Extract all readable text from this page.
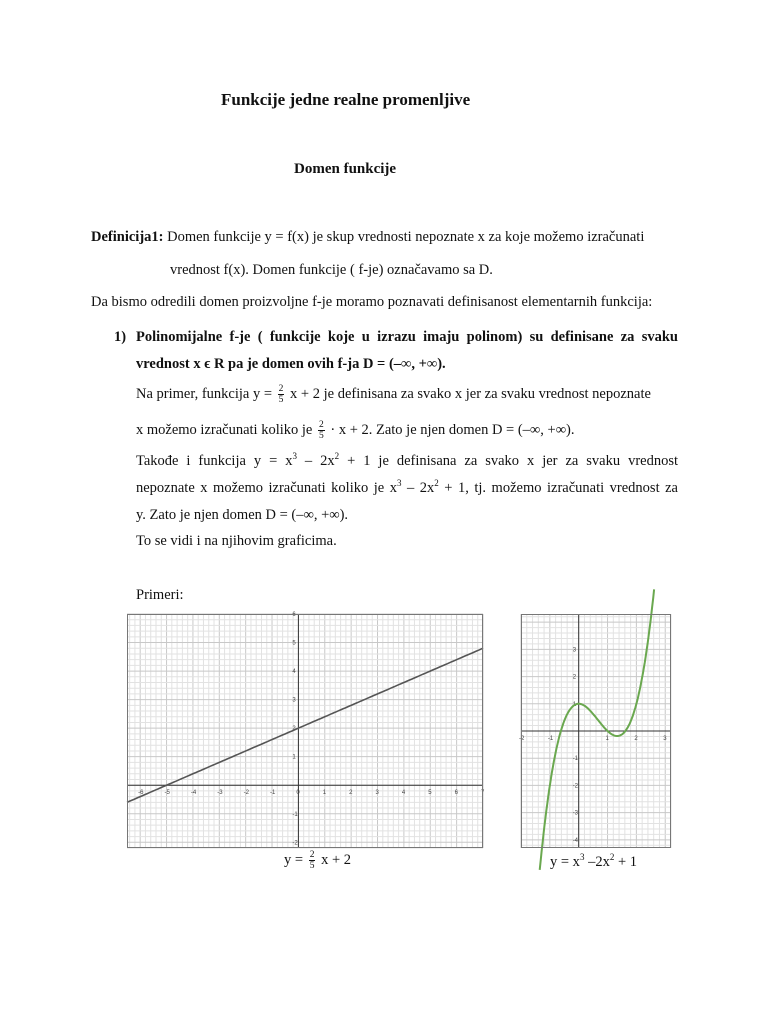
Funkcije jedne realne promenljive
Domen funkcije
Definicija1: Domen funkcije y = f(x) je skup vrednosti nepoznate x za koje možemo izračunati
vrednost f(x). Domen funkcije ( f-je) označavamo sa D.
Da bismo odredili domen proizvoljne f-je moramo poznavati definisanost elementarnih funkcija:
1) Polinomijalne f-je ( funkcije koje u izrazu imaju polinom) su definisane za svaku
vrednost x ϵ R pa je domen ovih f-ja D = (–∞, +∞).
Na primer, funkcija $y = \frac{2}{5}$ x + 2 je definisana za svako x jer za svaku vrednost nepoznate
x možemo izračunati koliko je $\frac{2}{5} \cdot x + 2$. Zato je njen domen D = (–∞, +∞).
Takođe i funkcija $y = x^3 - 2x^2 + 1$ je definisana za svako x jer za svaku vrednost
nepoznate x možemo izračunati koliko je $x^3 - 2x^2 + 1$, tj. možemo izračunati vrednost za
y. Zato je njen domen D = (–∞, +∞).
To se vidi i na njihovim graficima.
Primeri:
-6	-5	-4	-3	-2	-1	0	1	2	3	4	5	6	7
-2
-1
1
2
3
4
5
6
-2	-1	1	2	3
-4
-3
-2
-1
1
2
3
$y = \frac{2}{5}$ x + 2	$y = x^3$ $-2x^2 + 1$
